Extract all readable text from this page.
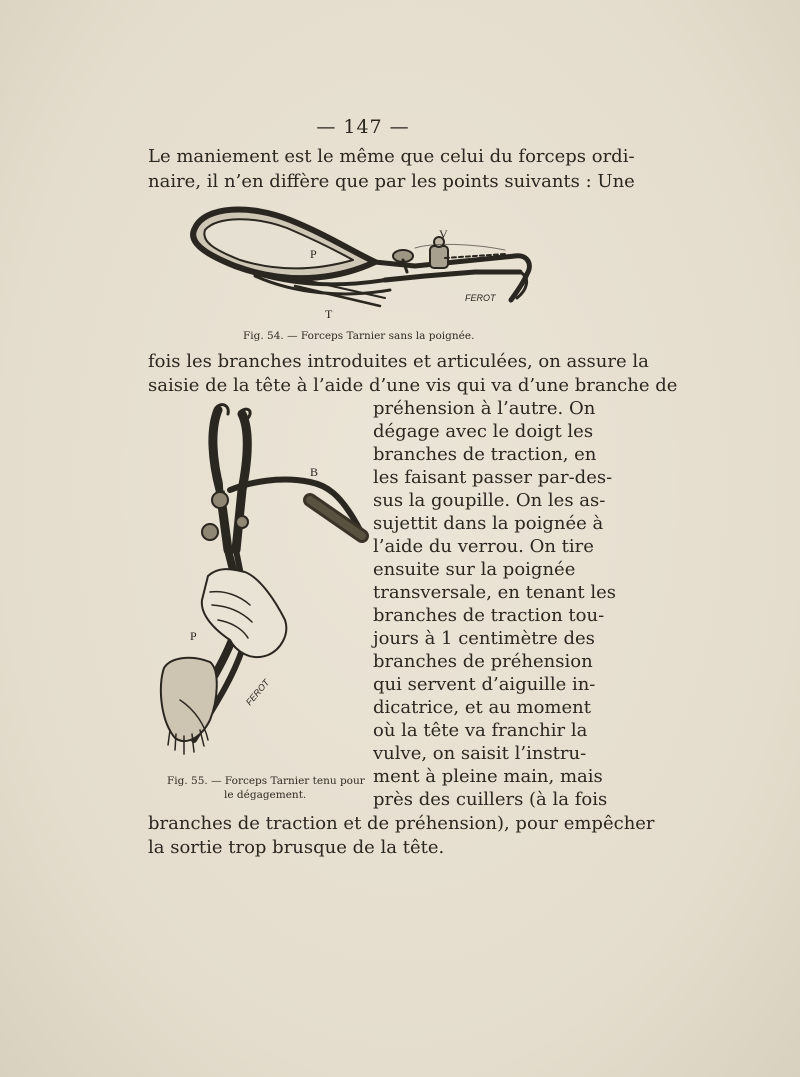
— 147 —
Le maniement est le même que celui du forceps ordi-
naire, il n’en diffère que par les points suivants : Une
P
V
T
FEROT
Fig. 54. — Forceps Tarnier sans la poignée.
fois les branches introduites et articulées, on assure la
saisie de la tête à l’aide d’une vis qui va d’une branche de
préhension à l’autre. On
dégage avec le doigt les
branches de traction, en
les faisant passer par-des-
sus la goupille. On les as-
sujettit dans la poignée à
l’aide du verrou. On tire
ensuite sur la poignée
transversale, en tenant les
branches de traction tou-
jours à 1 centimètre des
branches de préhension
qui servent d’aiguille in-
dicatrice, et au moment
où la tête va franchir la
vulve, on saisit l’instru-
ment à pleine main, mais
près des cuillers (à la fois
B
P
FEROT
Fig. 55. — Forceps Tarnier tenu pour
le dégagement.
branches de traction et de préhension), pour empêcher
la sortie trop brusque de la tête.
